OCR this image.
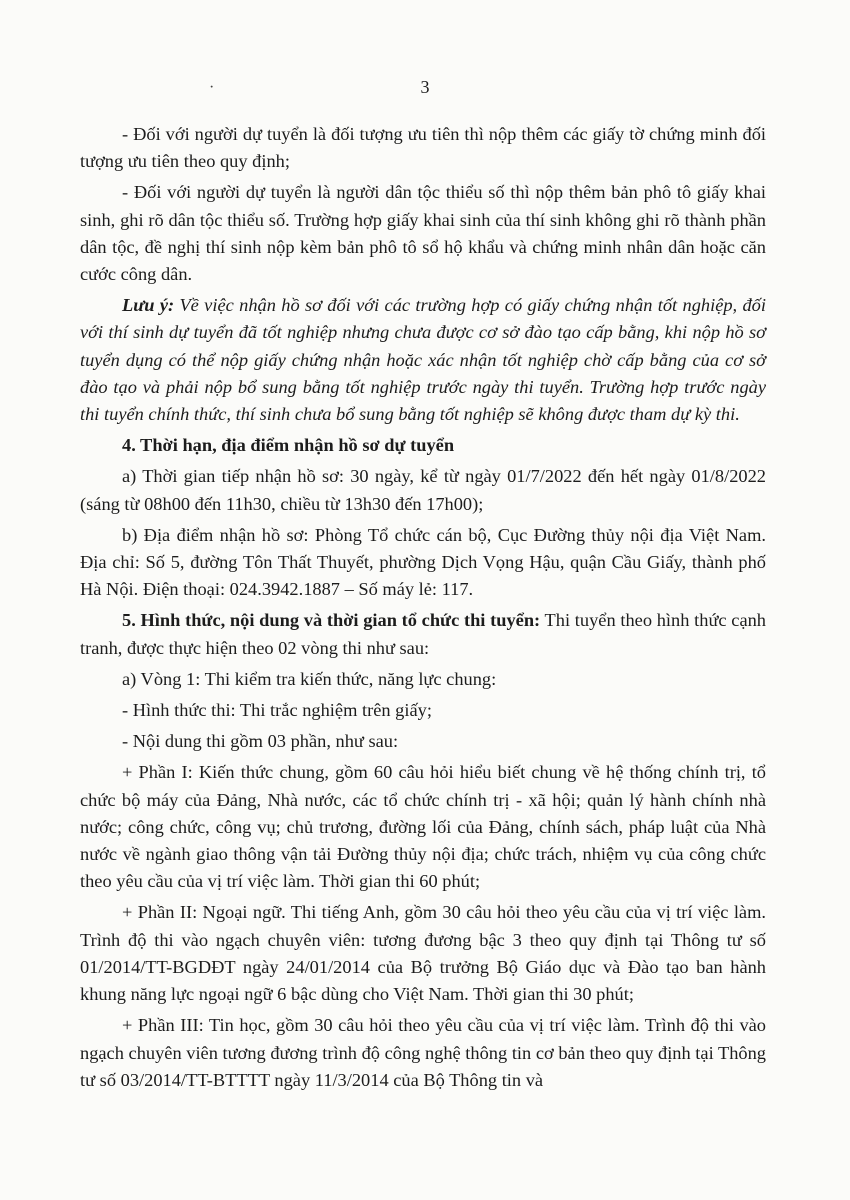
3
·

- Đối với người dự tuyển là đối tượng ưu tiên thì nộp thêm các giấy tờ chứng minh đối tượng ưu tiên theo quy định;

- Đối với người dự tuyển là người dân tộc thiểu số thì nộp thêm bản phô tô giấy khai sinh, ghi rõ dân tộc thiểu số. Trường hợp giấy khai sinh của thí sinh không ghi rõ thành phần dân tộc, đề nghị thí sinh nộp kèm bản phô tô sổ hộ khẩu và chứng minh nhân dân hoặc căn cước công dân.

Lưu ý: Về việc nhận hồ sơ đối với các trường hợp có giấy chứng nhận tốt nghiệp, đối với thí sinh dự tuyển đã tốt nghiệp nhưng chưa được cơ sở đào tạo cấp bằng, khi nộp hồ sơ tuyển dụng có thể nộp giấy chứng nhận hoặc xác nhận tốt nghiệp chờ cấp bằng của cơ sở đào tạo và phải nộp bổ sung bằng tốt nghiệp trước ngày thi tuyển. Trường hợp trước ngày thi tuyển chính thức, thí sinh chưa bổ sung bằng tốt nghiệp sẽ không được tham dự kỳ thi.

4. Thời hạn, địa điểm nhận hồ sơ dự tuyển

a) Thời gian tiếp nhận hồ sơ: 30 ngày, kể từ ngày 01/7/2022 đến hết ngày 01/8/2022 (sáng từ 08h00 đến 11h30, chiều từ 13h30 đến 17h00);

b) Địa điểm nhận hồ sơ: Phòng Tổ chức cán bộ, Cục Đường thủy nội địa Việt Nam. Địa chỉ: Số 5, đường Tôn Thất Thuyết, phường Dịch Vọng Hậu, quận Cầu Giấy, thành phố Hà Nội. Điện thoại: 024.3942.1887 – Số máy lẻ: 117.

5. Hình thức, nội dung và thời gian tổ chức thi tuyển: Thi tuyển theo hình thức cạnh tranh, được thực hiện theo 02 vòng thi như sau:

a) Vòng 1: Thi kiểm tra kiến thức, năng lực chung:

- Hình thức thi: Thi trắc nghiệm trên giấy;

- Nội dung thi gồm 03 phần, như sau:

+ Phần I: Kiến thức chung, gồm 60 câu hỏi hiểu biết chung về hệ thống chính trị, tổ chức bộ máy của Đảng, Nhà nước, các tổ chức chính trị - xã hội; quản lý hành chính nhà nước; công chức, công vụ; chủ trương, đường lối của Đảng, chính sách, pháp luật của Nhà nước về ngành giao thông vận tải Đường thủy nội địa; chức trách, nhiệm vụ của công chức theo yêu cầu của vị trí việc làm. Thời gian thi 60 phút;

+ Phần II: Ngoại ngữ. Thi tiếng Anh, gồm 30 câu hỏi theo yêu cầu của vị trí việc làm. Trình độ thi vào ngạch chuyên viên: tương đương bậc 3 theo quy định tại Thông tư số 01/2014/TT-BGDĐT ngày 24/01/2014 của Bộ trưởng Bộ Giáo dục và Đào tạo ban hành khung năng lực ngoại ngữ 6 bậc dùng cho Việt Nam. Thời gian thi 30 phút;

+ Phần III: Tin học, gồm 30 câu hỏi theo yêu cầu của vị trí việc làm. Trình độ thi vào ngạch chuyên viên tương đương trình độ công nghệ thông tin cơ bản theo quy định tại Thông tư số 03/2014/TT-BTTTT ngày 11/3/2014 của Bộ Thông tin và
